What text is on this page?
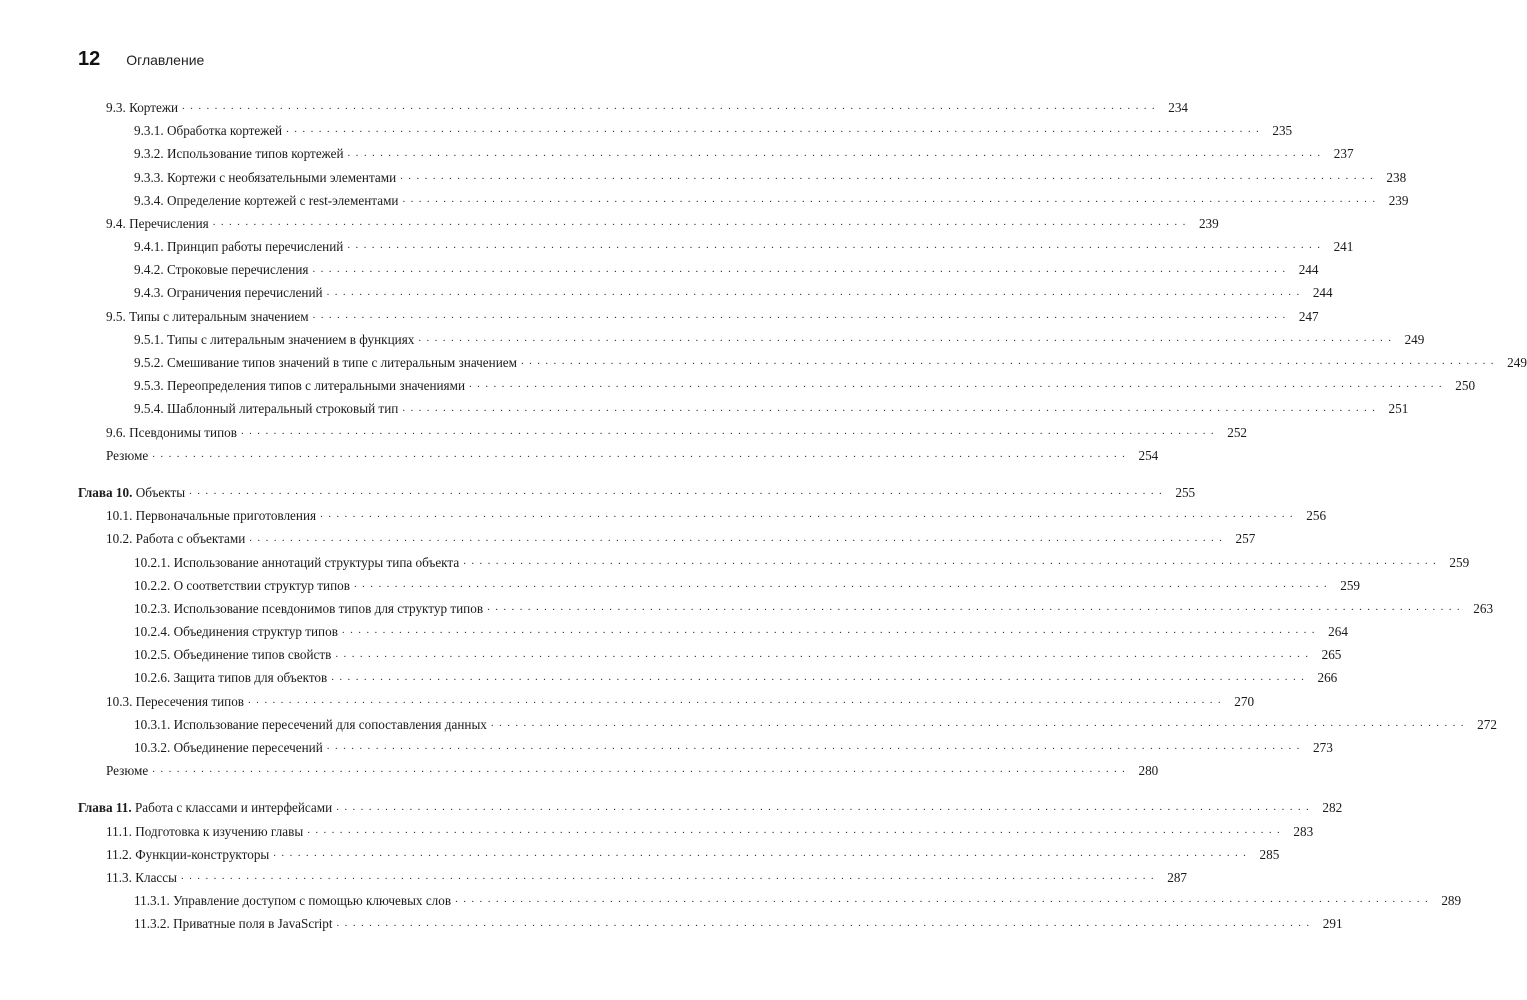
12 Оглавление
9.3. Кортежи ........................................................................................................................ 234
9.3.1. Обработка кортежей ........................................................................................................................ 235
9.3.2. Использование типов кортежей ........................................................................................................................ 237
9.3.3. Кортежи с необязательными элементами ........................................................................................................................ 238
9.3.4. Определение кортежей с rest-элементами ........................................................................................................................ 239
9.4. Перечисления ........................................................................................................................ 239
9.4.1. Принцип работы перечислений ........................................................................................................................ 241
9.4.2. Строковые перечисления ........................................................................................................................ 244
9.4.3. Ограничения перечислений ........................................................................................................................ 244
9.5. Типы с литеральным значением ........................................................................................................................ 247
9.5.1. Типы с литеральным значением в функциях ........................................................................................................................ 249
9.5.2. Смешивание типов значений в типе с литеральным значением ........................................................................................................................ 249
9.5.3. Переопределения типов с литеральными значениями ........................................................................................................................ 250
9.5.4. Шаблонный литеральный строковый тип ........................................................................................................................ 251
9.6. Псевдонимы типов ........................................................................................................................ 252
Резюме ........................................................................................................................ 254
Глава 10. Объекты ........................................................................................................................ 255
10.1. Первоначальные приготовления ........................................................................................................................ 256
10.2. Работа с объектами ........................................................................................................................ 257
10.2.1. Использование аннотаций структуры типа объекта ........................................................................................................................ 259
10.2.2. О соответствии структур типов ........................................................................................................................ 259
10.2.3. Использование псевдонимов типов для структур типов ........................................................................................................................ 263
10.2.4. Объединения структур типов ........................................................................................................................ 264
10.2.5. Объединение типов свойств ........................................................................................................................ 265
10.2.6. Защита типов для объектов ........................................................................................................................ 266
10.3. Пересечения типов ........................................................................................................................ 270
10.3.1. Использование пересечений для сопоставления данных ........................................................................................................................ 272
10.3.2. Объединение пересечений ........................................................................................................................ 273
Резюме ........................................................................................................................ 280
Глава 11. Работа с классами и интерфейсами ........................................................................................................................ 282
11.1. Подготовка к изучению главы ........................................................................................................................ 283
11.2. Функции-конструкторы ........................................................................................................................ 285
11.3. Классы ........................................................................................................................ 287
11.3.1. Управление доступом с помощью ключевых слов ........................................................................................................................ 289
11.3.2. Приватные поля в JavaScript ........................................................................................................................ 291
